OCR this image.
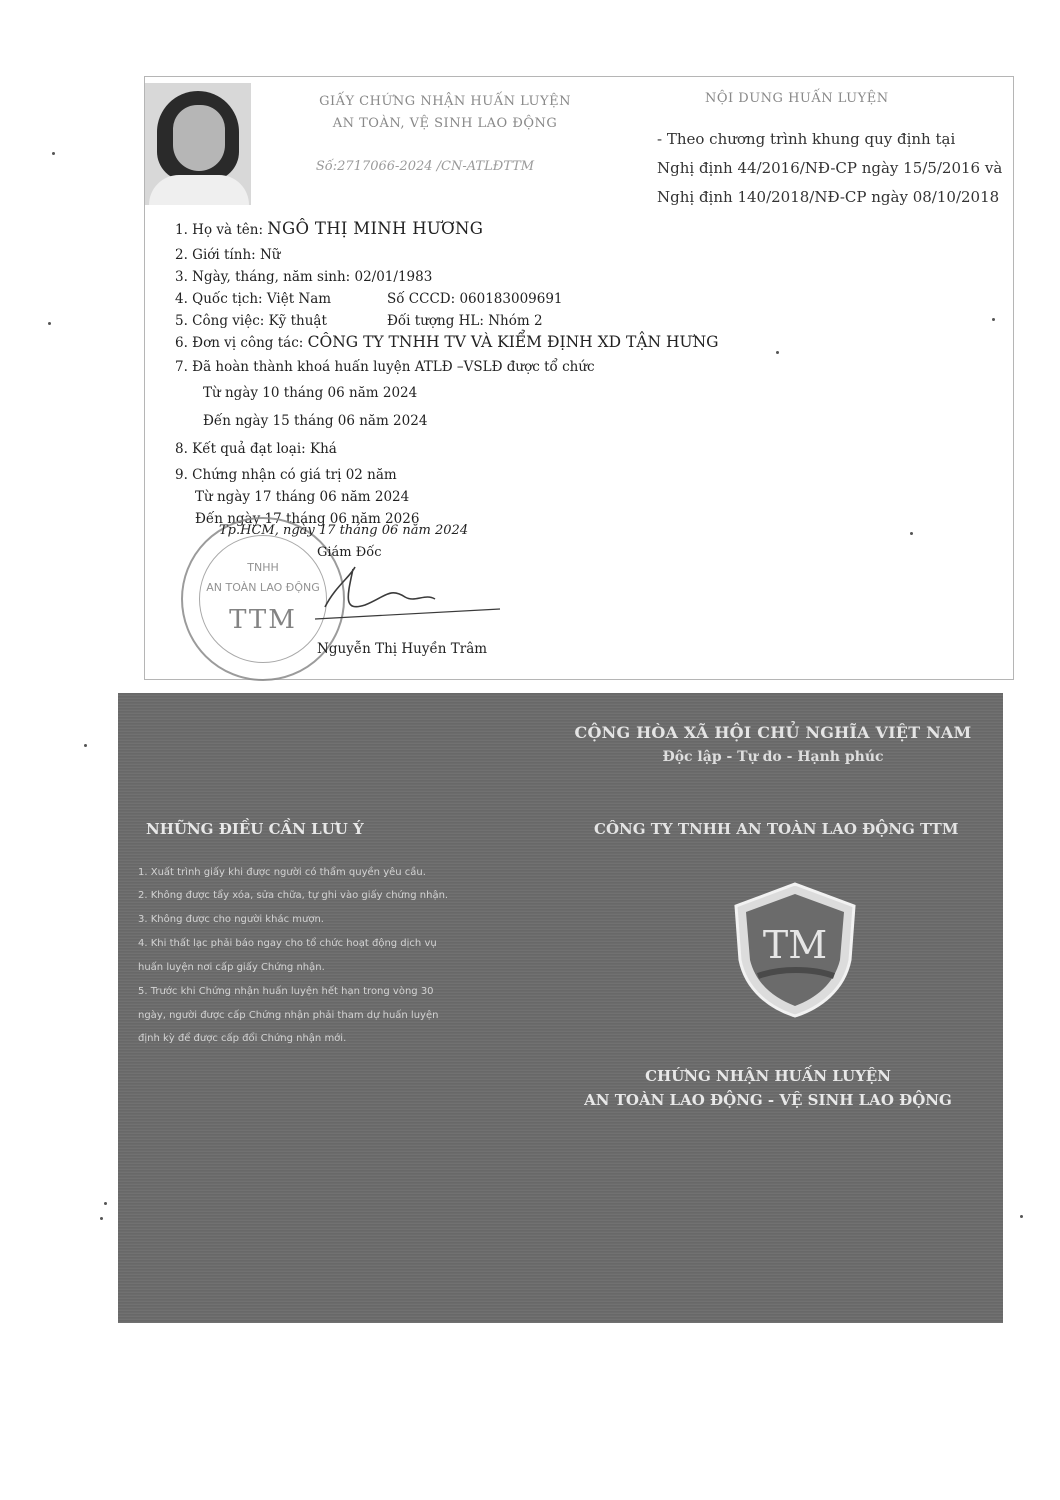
GIẤY CHỨNG NHẬN HUẤN LUYỆN
AN TOÀN, VỆ SINH LAO ĐỘNG
Số:2717066-2024 /CN-ATLĐTTM
NỘI DUNG HUẤN LUYỆN
- Theo chương trình khung quy định tại
Nghị định 44/2016/NĐ-CP ngày 15/5/2016 và
Nghị định 140/2018/NĐ-CP ngày 08/10/2018
1. Họ và tên: NGÔ THỊ MINH HƯƠNG
2. Giới tính: Nữ
3. Ngày, tháng, năm sinh: 02/01/1983
4. Quốc tịch: Việt Nam	Số CCCD: 060183009691
5. Công việc: Kỹ thuật	Đối tượng HL: Nhóm 2
6. Đơn vị công tác: CÔNG TY TNHH TV VÀ KIỂM ĐỊNH XD TẬN HƯNG
7. Đã hoàn thành khoá huấn luyện ATLĐ –VSLĐ được tổ chức
Từ ngày 10 tháng 06 năm 2024
Đến ngày 15 tháng 06 năm 2024
8. Kết quả đạt loại: Khá
9. Chứng nhận có giá trị 02 năm
Từ ngày 17 tháng 06 năm 2024
Đến ngày 17 tháng 06 năm 2026
TNHH
AN TOÀN LAO ĐỘNG
TTM
Tp.HCM, ngày 17 tháng 06 năm 2024
Giám Đốc
Nguyễn Thị Huyền Trâm
CỘNG HÒA XÃ HỘI CHỦ NGHĨA VIỆT NAM
Độc lập - Tự do - Hạnh phúc
NHỮNG ĐIỀU CẦN LƯU Ý	CÔNG TY TNHH AN TOÀN LAO ĐỘNG TTM
1. Xuất trình giấy khi được người có thẩm quyền yêu cầu.
2. Không được tẩy xóa, sửa chữa, tự ghi vào giấy chứng nhận.
3. Không được cho người khác mượn.
4. Khi thất lạc phải báo ngay cho tổ chức hoạt động dịch vụ
huấn luyện nơi cấp giấy Chứng nhận.
5. Trước khi Chứng nhận huấn luyện hết hạn trong vòng 30
ngày, người được cấp Chứng nhận phải tham dự huấn luyện
định kỳ để được cấp đổi Chứng nhận mới.
TM
CHỨNG NHẬN HUẤN LUYỆN
AN TOÀN LAO ĐỘNG - VỆ SINH LAO ĐỘNG
